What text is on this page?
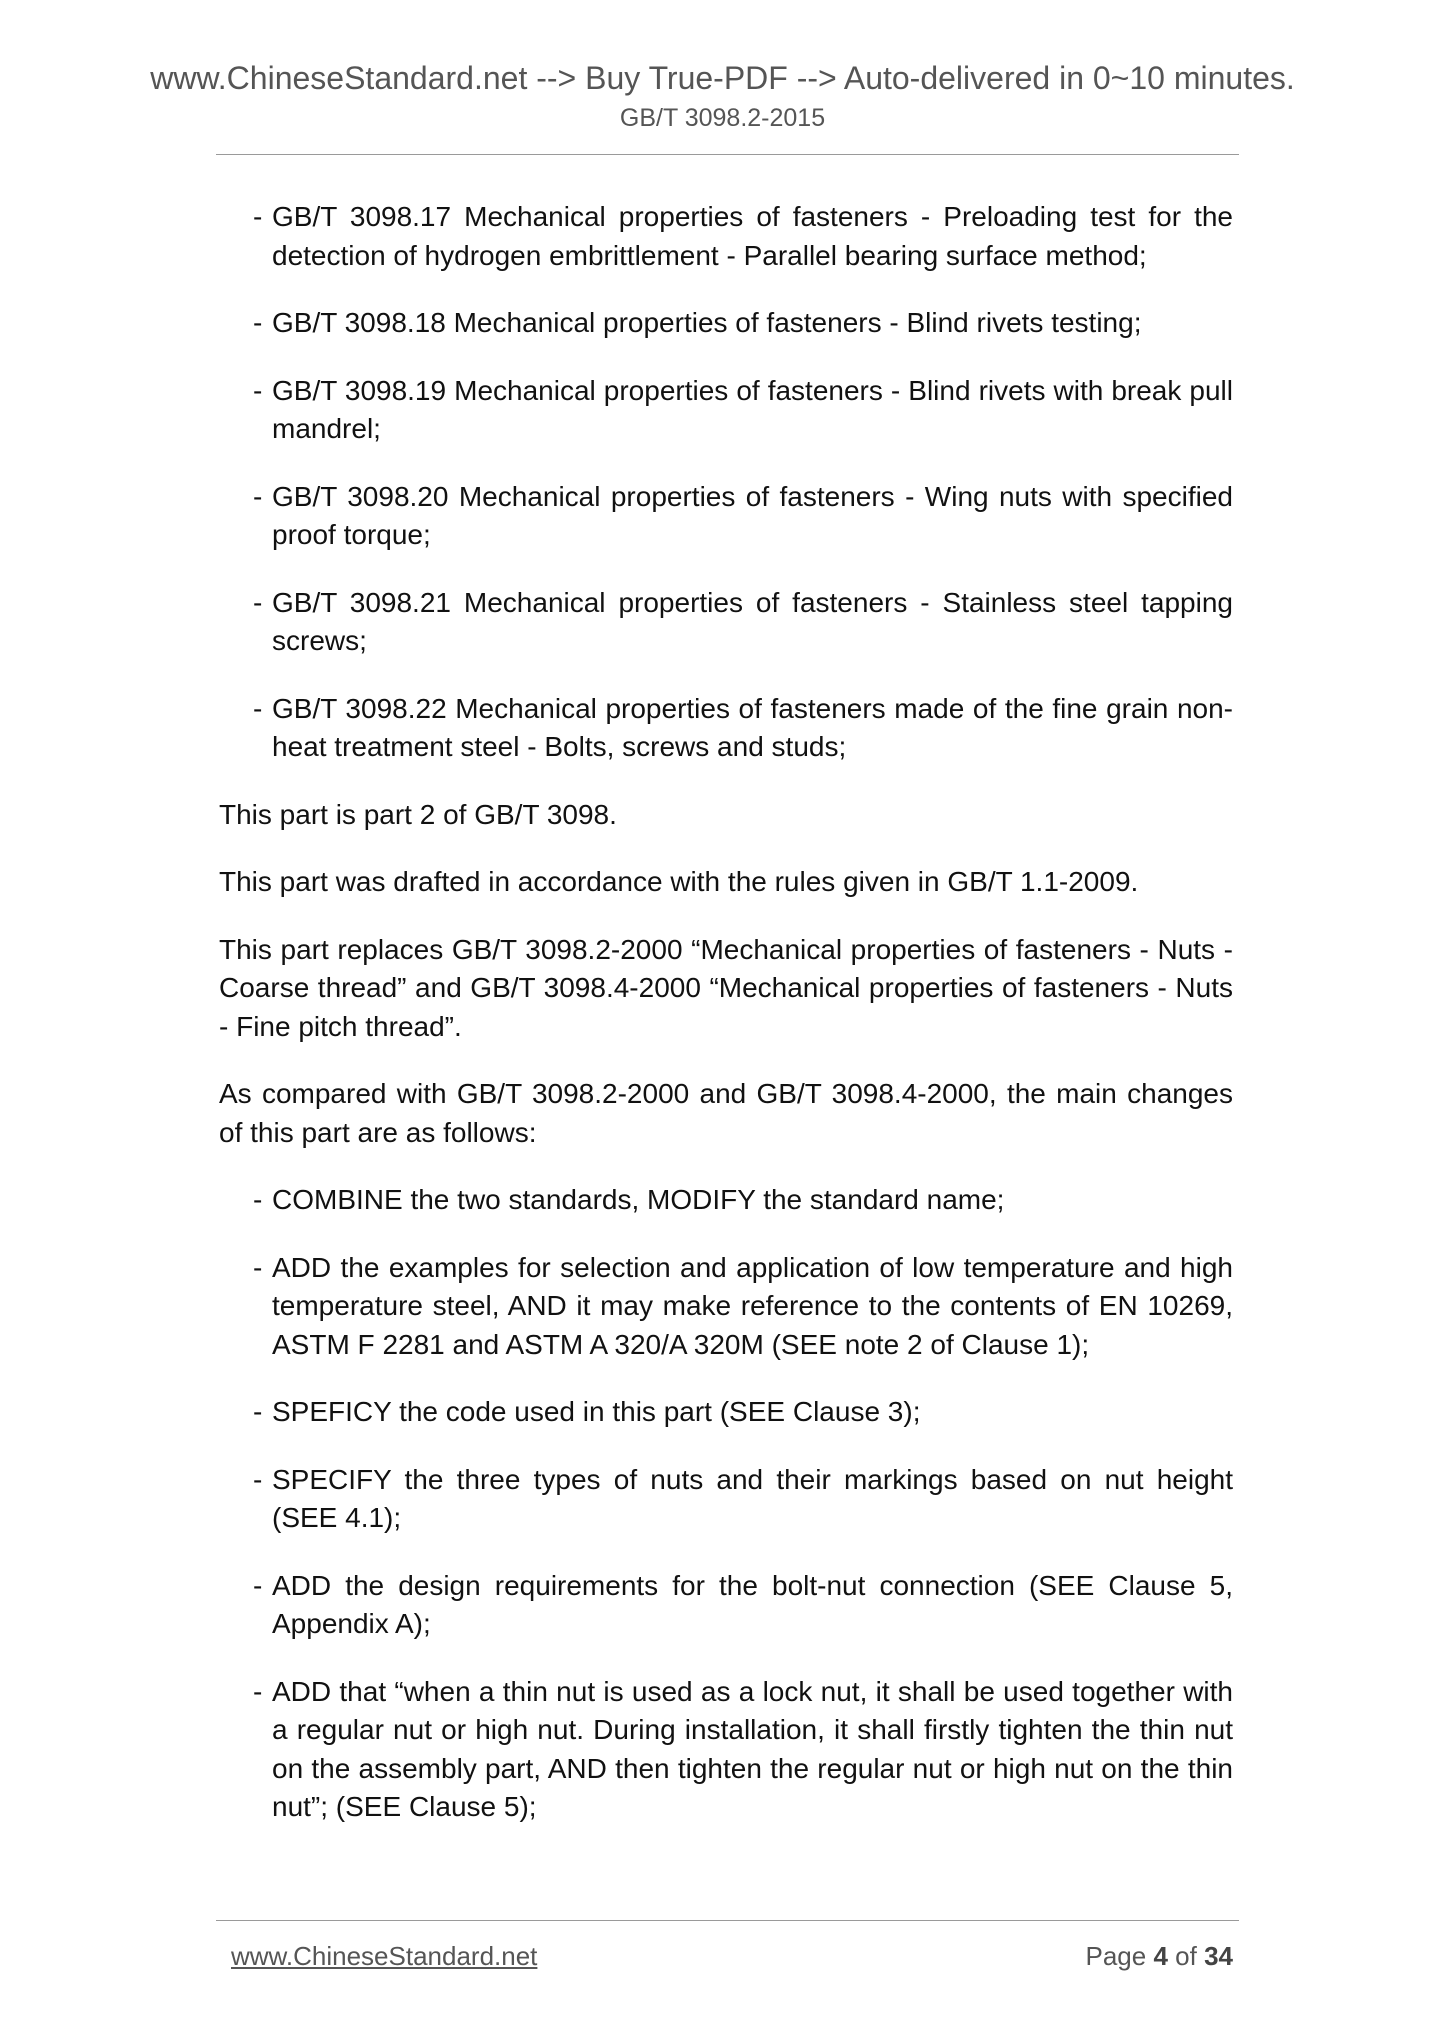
www.ChineseStandard.net --> Buy True-PDF --> Auto-delivered in 0~10 minutes.
GB/T 3098.2-2015
- GB/T 3098.17 Mechanical properties of fasteners - Preloading test for the detection of hydrogen embrittlement - Parallel bearing surface method;
- GB/T 3098.18 Mechanical properties of fasteners - Blind rivets testing;
- GB/T 3098.19 Mechanical properties of fasteners - Blind rivets with break pull mandrel;
- GB/T 3098.20 Mechanical properties of fasteners - Wing nuts with specified proof torque;
- GB/T 3098.21 Mechanical properties of fasteners - Stainless steel tapping screws;
- GB/T 3098.22 Mechanical properties of fasteners made of the fine grain non-heat treatment steel - Bolts, screws and studs;
This part is part 2 of GB/T 3098.
This part was drafted in accordance with the rules given in GB/T 1.1-2009.
This part replaces GB/T 3098.2-2000 “Mechanical properties of fasteners - Nuts - Coarse thread” and GB/T 3098.4-2000 “Mechanical properties of fasteners - Nuts - Fine pitch thread”.
As compared with GB/T 3098.2-2000 and GB/T 3098.4-2000, the main changes of this part are as follows:
- COMBINE the two standards, MODIFY the standard name;
- ADD the examples for selection and application of low temperature and high temperature steel, AND it may make reference to the contents of EN 10269, ASTM F 2281 and ASTM A 320/A 320M (SEE note 2 of Clause 1);
- SPEFICY the code used in this part (SEE Clause 3);
- SPECIFY the three types of nuts and their markings based on nut height (SEE 4.1);
- ADD the design requirements for the bolt-nut connection (SEE Clause 5, Appendix A);
- ADD that “when a thin nut is used as a lock nut, it shall be used together with a regular nut or high nut. During installation, it shall firstly tighten the thin nut on the assembly part, AND then tighten the regular nut or high nut on the thin nut”; (SEE Clause 5);
www.ChineseStandard.net	Page 4 of 34
